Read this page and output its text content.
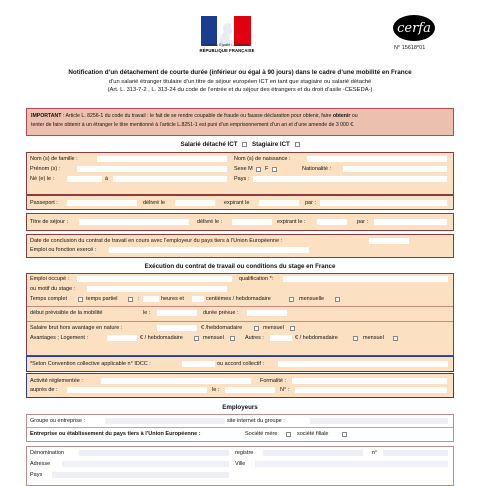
Liberté • Égalité • Fraternité
RÉPUBLIQUE FRANÇAISE
cerfa
N° 15618*01
Notification d’un détachement de courte durée (inférieur ou égal à 90 jours) dans le cadre d’une mobilité en France
d’un salarié étranger titulaire d’un titre de séjour européen ICT en tant que stagiaire ou salarié détaché
(Art. L. 313-7-2 , L. 313-24 du code de l’entrée et du séjour des étrangers et du droit d’asile -CESEDA-)
IMPORTANT : Article L. 8256-1 du code du travail : le fait de se rendre coupable de fraude ou fausse déclaration pour obtenir, faire obtenir ou
tenter de faire obtenir à un étranger le titre mentionné à l’article L.8251-1 est puni d’un emprisonnement d’un an et d’une amende de 3 000 €.
Salarié détaché ICT Stagiaire ICT
Nom (s) de famille :	Nom (s) de naissance :
Prénom (s) :	Sexe M F	Nationalité :
Né (e) le :	à	Pays :
Passeport :	délivré le	expirant le	par :
Titre de séjour :	délivré le :	expirant le :	par :
Date de conclusion du contrat de travail en cours avec l’employeur du pays tiers à l’Union Européenne :
Emploi ou fonction exercé :
Exécution du contrat de travail ou conditions du stage en France
Emploi occupé :	qualification *:
ou motif du stage :
Temps complet	temps partiel	:	heures et	centièmes / hebdomadaire	mensuelle
début prévisible de la mobilité	le :	durée prévue :
Salaire brut hors avantage en nature :	€ /hebdomadaire	mensuel
Avantages ; Logement :	€ / hebdomadaire	mensuel	Autres :	€ / hebdomadaire	mensuel
*Selon Convention collective applicable n° IDCC :	ou accord collectif :
Activité réglementée :	Formalité :
auprès de :	le :	N° :
Employeurs
Groupe ou entreprise :	site internet du groupe :
Entreprise ou établissement du pays tiers à l’Union Européenne :	Société mère	société filiale
Dénomination	registre	n°
Adresse	Ville
Pays
